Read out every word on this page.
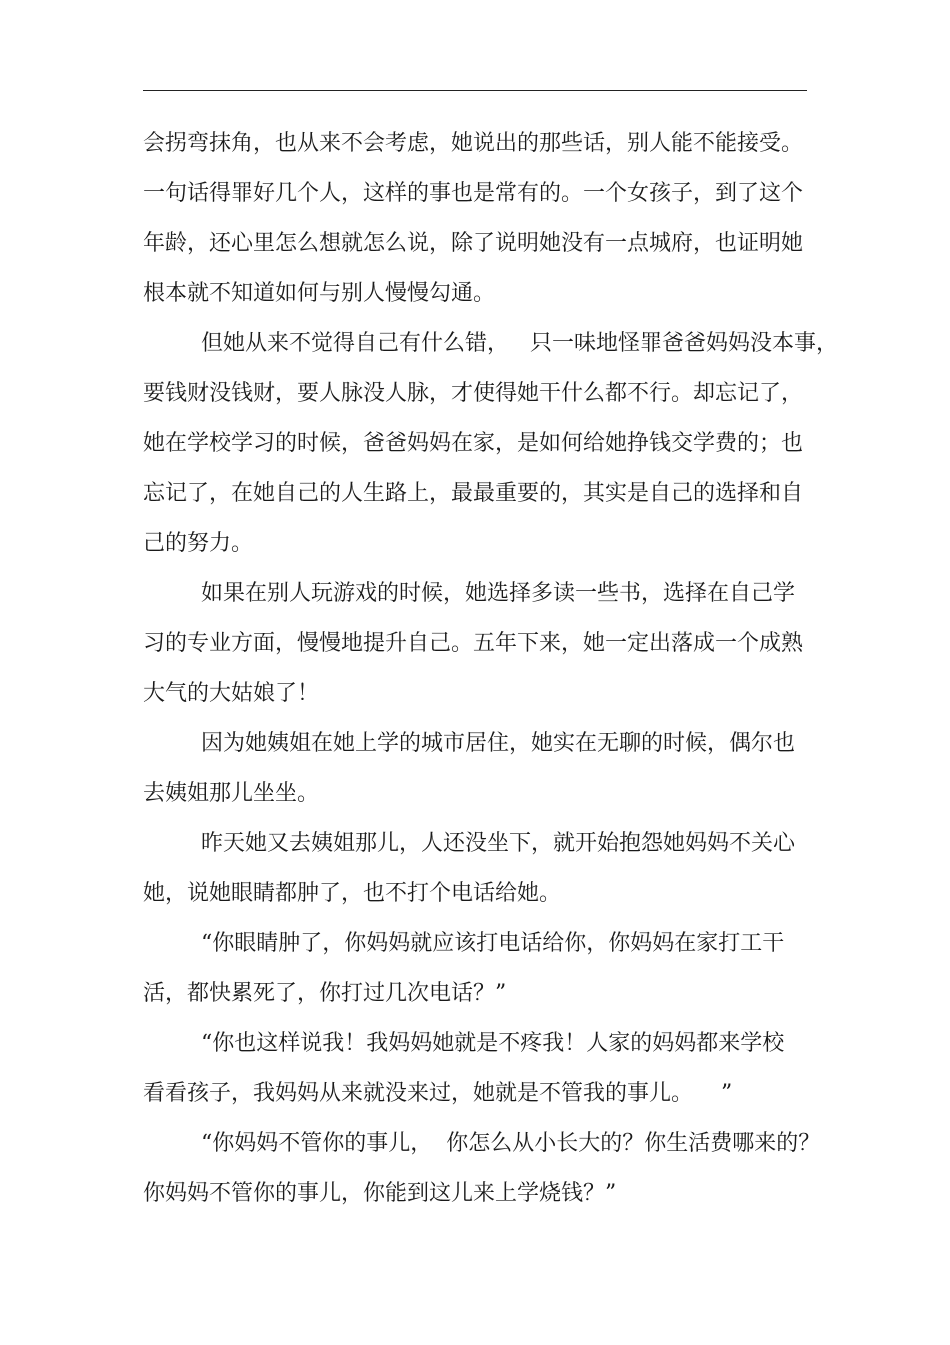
会拐弯抹角，也从来不会考虑，她说出的那些话，别人能不能接受。

一句话得罪好几个人，这样的事也是常有的。一个女孩子，到了这个

年龄，还心里怎么想就怎么说，除了说明她没有一点城府，也证明她

根本就不知道如何与别人慢慢勾通。

但她从来不觉得自己有什么错，   只一味地怪罪爸爸妈妈没本事，

要钱财没钱财，要人脉没人脉，才使得她干什么都不行。却忘记了，

她在学校学习的时候，爸爸妈妈在家，是如何给她挣钱交学费的；也

忘记了，在她自己的人生路上，最最重要的，其实是自己的选择和自

己的努力。

如果在别人玩游戏的时候，她选择多读一些书，选择在自己学

习的专业方面，慢慢地提升自己。五年下来，她一定出落成一个成熟

大气的大姑娘了！

因为她姨姐在她上学的城市居住，她实在无聊的时候，偶尔也

去姨姐那儿坐坐。

昨天她又去姨姐那儿，人还没坐下，就开始抱怨她妈妈不关心

她，说她眼睛都肿了，也不打个电话给她。

“你眼睛肿了，你妈妈就应该打电话给你，你妈妈在家打工干

活，都快累死了，你打过几次电话？”

“你也这样说我！我妈妈她就是不疼我！人家的妈妈都来学校

看看孩子，我妈妈从来就没来过，她就是不管我的事儿。    ”

“你妈妈不管你的事儿，  你怎么从小长大的？你生活费哪来的？

你妈妈不管你的事儿，你能到这儿来上学烧钱？”
